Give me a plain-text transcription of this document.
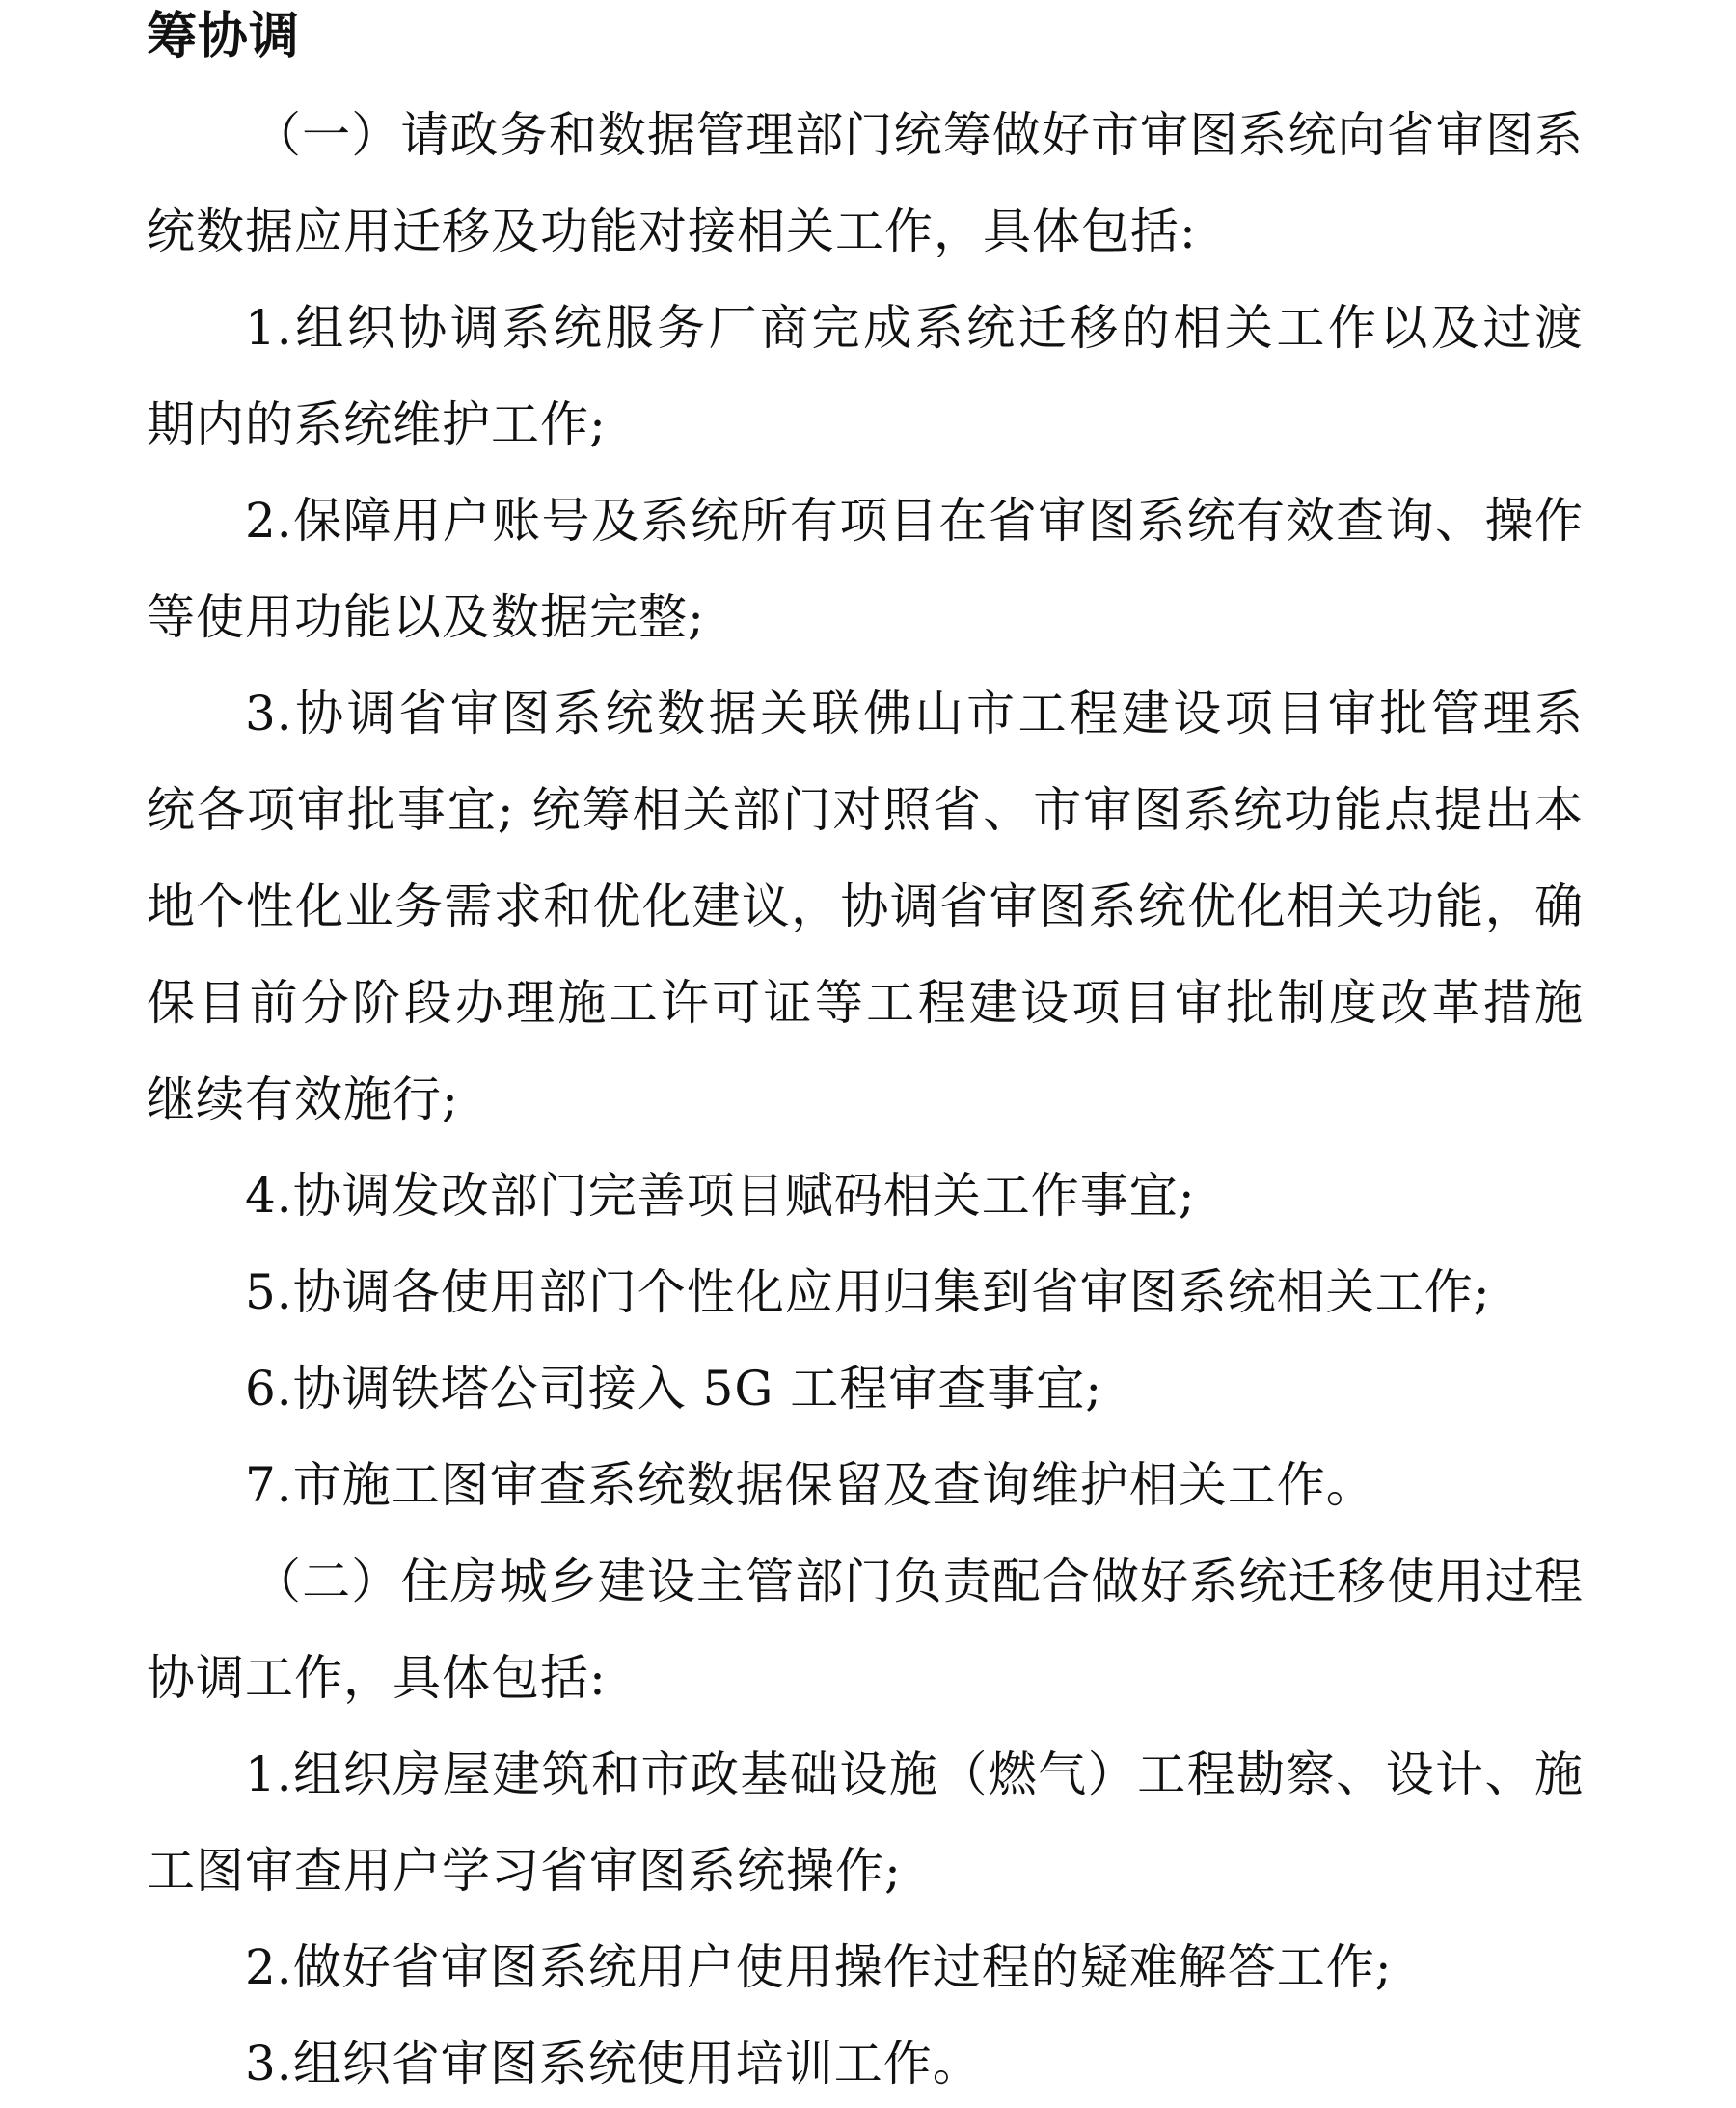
筹协调
（一）请政务和数据管理部门统筹做好市审图系统向省审图系
统数据应用迁移及功能对接相关工作，具体包括:
1.组织协调系统服务厂商完成系统迁移的相关工作以及过渡
期内的系统维护工作;
2.保障用户账号及系统所有项目在省审图系统有效查询、操作
等使用功能以及数据完整;
3.协调省审图系统数据关联佛山市工程建设项目审批管理系
统各项审批事宜; 统筹相关部门对照省、市审图系统功能点提出本
地个性化业务需求和优化建议，协调省审图系统优化相关功能，确
保目前分阶段办理施工许可证等工程建设项目审批制度改革措施
继续有效施行;
4.协调发改部门完善项目赋码相关工作事宜;
5.协调各使用部门个性化应用归集到省审图系统相关工作;
6.协调铁塔公司接入 5G 工程审查事宜;
7.市施工图审查系统数据保留及查询维护相关工作。
（二）住房城乡建设主管部门负责配合做好系统迁移使用过程
协调工作，具体包括:
1.组织房屋建筑和市政基础设施（燃气）工程勘察、设计、施
工图审查用户学习省审图系统操作;
2.做好省审图系统用户使用操作过程的疑难解答工作;
3.组织省审图系统使用培训工作。
